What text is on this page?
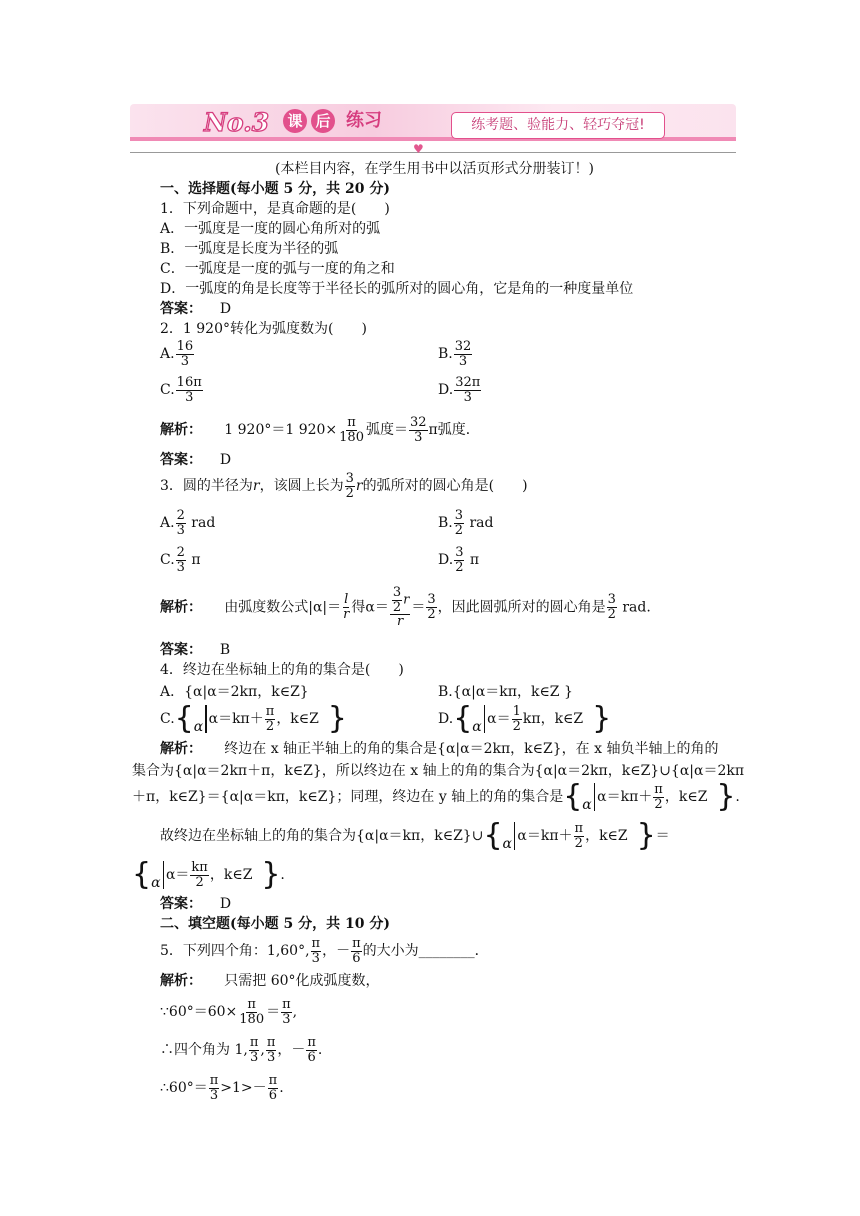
♥
No.3 课 后 练习	练考题、验能力、轻巧夺冠!
(本栏目内容，在学生用书中以活页形式分册装订！)
一、选择题(每小题 5 分，共 20 分)
1．下列命题中，是真命题的是(　　)
A．一弧度是一度的圆心角所对的弧
B．一弧度是长度为半径的弧
C．一弧度是一度的弧与一度的角之和
D．一弧度的角是长度等于半径长的弧所对的圆心角，它是角的一种度量单位
答案： D
2．1 920°转化为弧度数为(　　)
A. $\frac{16}{3}$	B. $\frac{32}{3}$
C. $\frac{16\pi}{3}$	D. $\frac{32\pi}{3}$
解析： 1 920°＝1 $920\times \frac{\pi}{180}$ 弧度＝ $\frac{32}{3}$ π弧度．
答案： D
3．圆的半径为r，该圆上长为 $\frac{3}{2}$ r的弧所对的圆心角是(　　)
A. $\frac{2}{3}$ rad	B. $\frac{3}{2}$ rad
C. $\frac{2}{3}$ π	D. $\frac{3}{2}$ π
解析： 由弧度数公式$|\alpha|= \frac{l}{r}$ 得$\alpha= \frac{\frac{3}{2} r}{r} = \frac{3}{2}$ ，因此圆弧所对的圆心角是 $\frac{3}{2}$ rad.
答案： B
4．终边在坐标轴上的角的集合是(　　)
A．{α|α＝2kπ，k∈Z}	B.{α|α＝kπ，k∈Z }
C. { α $\alpha=k\pi+ \frac{\pi}{2}$ ，k∈Z
}	D. { α $\alpha= \frac{1}{2}$ kπ，k∈Z
}
解析： 终边在 x 轴正半轴上的角的集合是{α|α＝2kπ，k∈Z}，在 x 轴负半轴上的角的
集合为{α|α＝2kπ＋π，k∈Z}，所以终边在 x 轴上的角的集合为{α|α＝2kπ，k∈Z}∪{α|α＝2kπ
＋π，k∈Z}＝{α|α＝kπ，k∈Z}；同理，终边在 y 轴上的角的集合是 { α $\alpha=k\pi+ \frac{\pi}{2}$ ，k∈Z
} .
故终边在坐标轴上的角的集合为{α|α＝kπ，k∈Z}∪ { α $\alpha=k\pi+ \frac{\pi}{2}$ ，k∈Z
} ＝
{ α $\alpha= \frac{k\pi}{2}$ ，k∈Z
} .
答案： D
二、填空题(每小题 5 分，共 10 分)
5．下列四个角：1,60°, $\frac{\pi}{3}$ ，－ $\frac{\pi}{6}$ 的大小为________．
解析： 只需把 60°化成弧度数，
∵60°＝60× $\frac{\pi}{180} = \frac{\pi}{3}$ ,
∴四个角为 1, $\frac{\pi}{3}$ , $\frac{\pi}{3}$ ，－ $\frac{\pi}{6}$ .
∴60°＝ $\frac{\pi}{3} >1>- \frac{\pi}{6}$ .
